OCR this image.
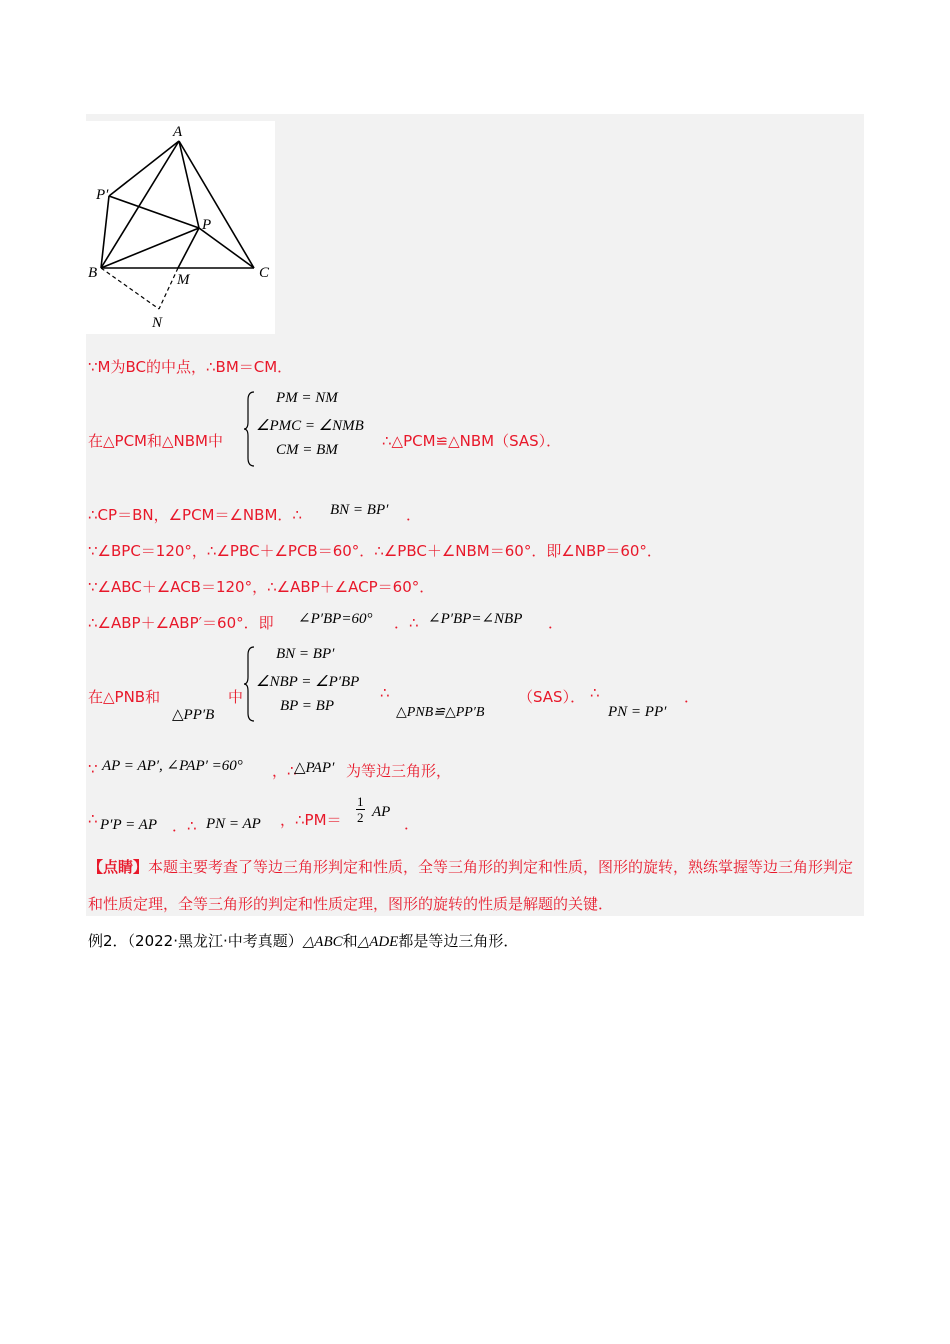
A
P′
P
B	M	C
N
∵M为BC的中点，∴BM＝CM．
在△PCM和△NBM中
PM = NM
∠PMC = ∠NMB
CM = BM	∴△PCM≌△NBM（SAS）．
∴CP＝BN，∠PCM＝∠NBM．∴ BN = BP′ ．
∵∠BPC＝120°，∴∠PBC＋∠PCB＝60°．∴∠PBC＋∠NBM＝60°．即∠NBP＝60°．
∵∠ABC＋∠ACB＝120°，∴∠ABP＋∠ACP＝60°．
∴∠ABP＋∠ABP′＝60°．即 ∠P′BP=60° ．∴ ∠P′BP=∠NBP ．
在△PNB和
△PP′B
中
BN = BP′
∠NBP = ∠P′BP
BP = BP
∴
△PNB≌△PP′B
（SAS）． ∴
PN = PP′
．
∵ AP = AP′, ∠PAP′ =60° ，∴
△PAP′ 为等边三角形，
∴ P′P = AP ．∴ PN = AP ，∴PM＝ $\frac{1}{2}$ AP
．
【点睛】本题主要考查了等边三角形判定和性质，全等三角形的判定和性质，图形的旋转，熟练掌握等边三角形判定和性质定理，全等三角形的判定和性质定理，图形的旋转的性质是解题的关键．
例2．（2022·黑龙江·中考真题）△ABC和△ADE都是等边三角形．
